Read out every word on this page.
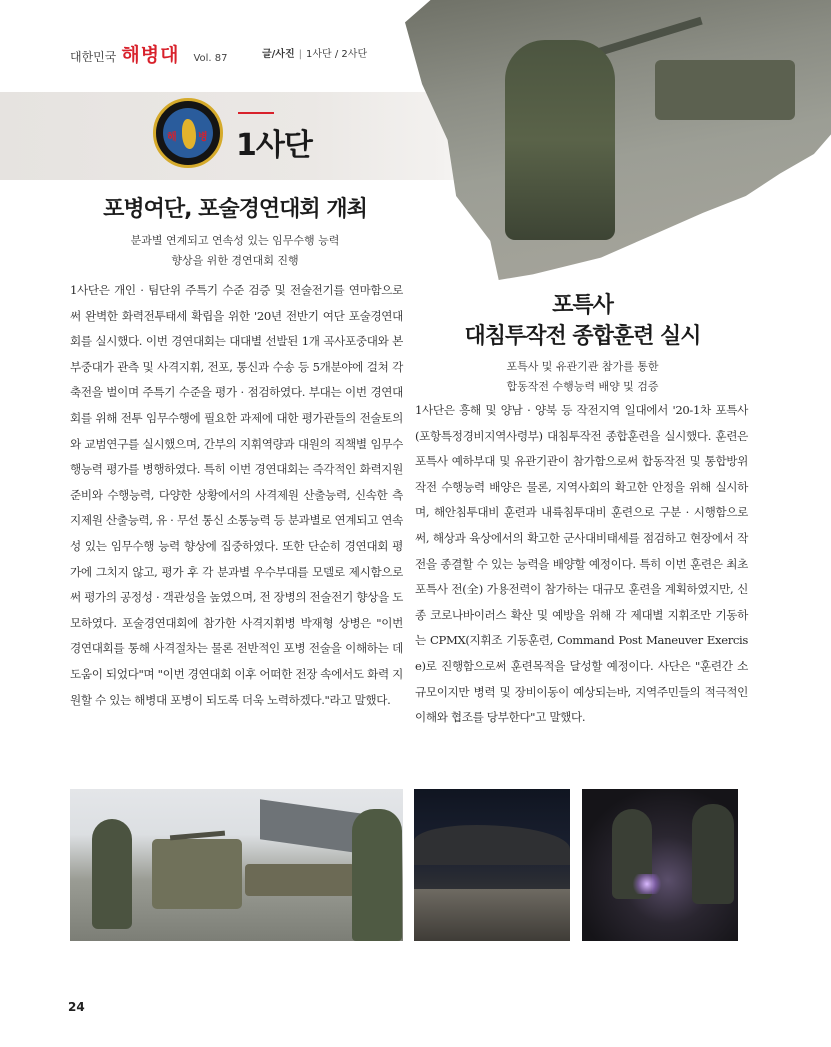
대한민국 해병대 Vol. 87	글/사진 | 1사단 / 2사단
해 병 1사단
포병여단, 포술경연대회 개최
분과별 연계되고 연속성 있는 임무수행 능력
향상을 위한 경연대회 진행
포특사
대침투작전 종합훈련 실시
포특사 및 유관기관 참가를 통한
합동작전 수행능력 배양 및 검증

1사단은 개인 · 팀단위 주특기 수준 검증 및 전술전기를 연마함으로써 완벽한 화력전투태세 확립을 위한 '20년 전반기 여단 포술경연대회를 실시했다. 이번 경연대회는 대대별 선발된 1개 곡사포중대와 본부중대가 관측 및 사격지휘, 전포, 통신과 수송 등 5개분야에 걸쳐 각축전을 벌이며 주특기 수준을 평가 · 점검하였다. 부대는 이번 경연대회를 위해 전투 임무수행에 필요한 과제에 대한 평가관들의 전술토의와 교범연구를 실시했으며, 간부의 지휘역량과 대원의 직책별 임무수행능력 평가를 병행하였다. 특히 이번 경연대회는 즉각적인 화력지원 준비와 수행능력, 다양한 상황에서의 사격제원 산출능력, 신속한 측지제원 산출능력, 유 · 무선 통신 소통능력 등 분과별로 연계되고 연속성 있는 임무수행 능력 향상에 집중하였다. 또한 단순히 경연대회 평가에 그치지 않고, 평가 후 각 분과별 우수부대를 모델로 제시함으로써 평가의 공정성 · 객관성을 높였으며, 전 장병의 전술전기 향상을 도모하였다. 포술경연대회에 참가한 사격지휘병 박재형 상병은 "이번 경연대회를 통해 사격절차는 물론 전반적인 포병 전술을 이해하는 데 도움이 되었다"며 "이번 경연대회 이후 어떠한 전장 속에서도 화력 지원할 수 있는 해병대 포병이 되도록 더욱 노력하겠다."라고 말했다.

1사단은 흥해 및 양남 · 양북 등 작전지역 일대에서 '20-1차 포특사(포항특정경비지역사령부) 대침투작전 종합훈련을 실시했다. 훈련은 포특사 예하부대 및 유관기관이 참가함으로써 합동작전 및 통합방위작전 수행능력 배양은 물론, 지역사회의 확고한 안정을 위해 실시하며, 해안침투대비 훈련과 내륙침투대비 훈련으로 구분 · 시행함으로써, 해상과 육상에서의 확고한 군사대비태세를 점검하고 현장에서 작전을 종결할 수 있는 능력을 배양할 예정이다. 특히 이번 훈련은 최초 포특사 전(全) 가용전력이 참가하는 대규모 훈련을 계획하였지만, 신종 코로나바이러스 확산 및 예방을 위해 각 제대별 지휘조만 기동하는 CPMX(지휘조 기동훈련, Command Post Maneuver Exercise)로 진행함으로써 훈련목적을 달성할 예정이다. 사단은 "훈련간 소규모이지만 병력 및 장비이동이 예상되는바, 지역주민들의 적극적인 이해와 협조를 당부한다"고 말했다.

24
